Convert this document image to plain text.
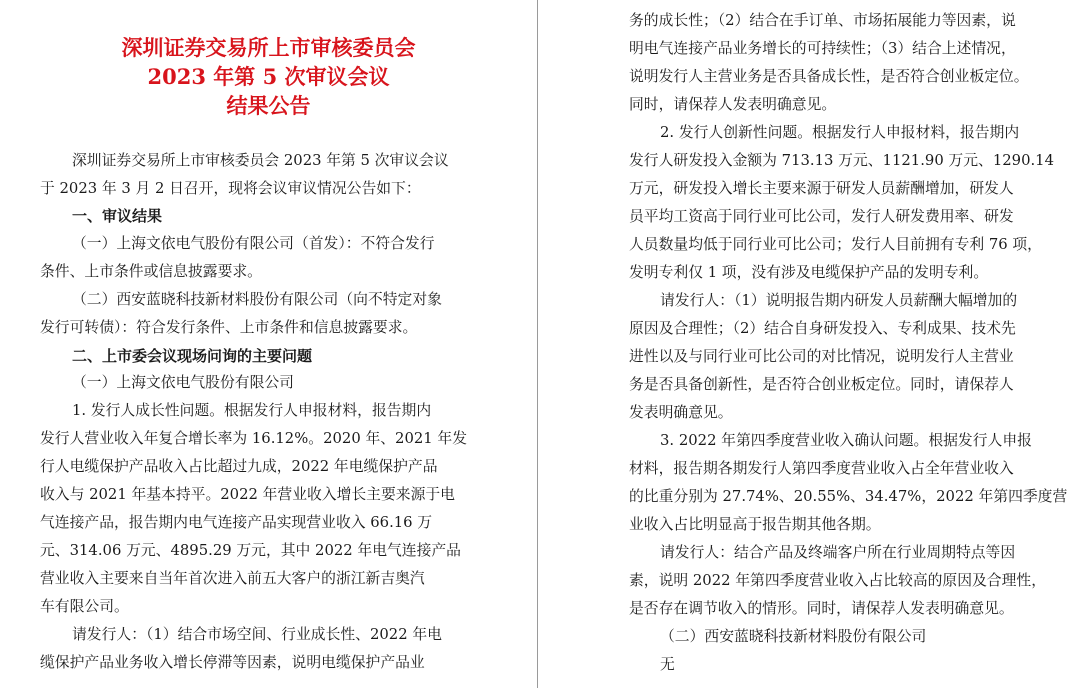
深圳证券交易所上市审核委员会
2023 年第 5 次审议会议
结果公告

深圳证券交易所上市审核委员会 2023 年第 5 次审议会议

于 2023 年 3 月 2 日召开，现将会议审议情况公告如下：

一、审议结果

（一）上海文依电气股份有限公司（首发）：不符合发行

条件、上市条件或信息披露要求。

（二）西安蓝晓科技新材料股份有限公司（向不特定对象

发行可转债）：符合发行条件、上市条件和信息披露要求。

二、上市委会议现场问询的主要问题

（一）上海文依电气股份有限公司

1. 发行人成长性问题。根据发行人申报材料，报告期内

发行人营业收入年复合增长率为 16.12%。2020 年、2021 年发

行人电缆保护产品收入占比超过九成，2022 年电缆保护产品

收入与 2021 年基本持平。2022 年营业收入增长主要来源于电

气连接产品，报告期内电气连接产品实现营业收入 66.16 万

元、314.06 万元、4895.29 万元，其中 2022 年电气连接产品

营业收入主要来自当年首次进入前五大客户的浙江新吉奥汽

车有限公司。

请发行人：（1）结合市场空间、行业成长性、2022 年电

缆保护产品业务收入增长停滞等因素，说明电缆保护产品业

务的成长性；（2）结合在手订单、市场拓展能力等因素，说

明电气连接产品业务增长的可持续性；（3）结合上述情况，

说明发行人主营业务是否具备成长性，是否符合创业板定位。

同时，请保荐人发表明确意见。

2. 发行人创新性问题。根据发行人申报材料，报告期内

发行人研发投入金额为 713.13 万元、1121.90 万元、1290.14

万元，研发投入增长主要来源于研发人员薪酬增加，研发人

员平均工资高于同行业可比公司，发行人研发费用率、研发

人员数量均低于同行业可比公司；发行人目前拥有专利 76 项，

发明专利仅 1 项，没有涉及电缆保护产品的发明专利。

请发行人：（1）说明报告期内研发人员薪酬大幅增加的

原因及合理性；（2）结合自身研发投入、专利成果、技术先

进性以及与同行业可比公司的对比情况，说明发行人主营业

务是否具备创新性，是否符合创业板定位。同时，请保荐人

发表明确意见。

3. 2022 年第四季度营业收入确认问题。根据发行人申报

材料，报告期各期发行人第四季度营业收入占全年营业收入

的比重分别为 27.74%、20.55%、34.47%，2022 年第四季度营

业收入占比明显高于报告期其他各期。

请发行人：结合产品及终端客户所在行业周期特点等因

素，说明 2022 年第四季度营业收入占比较高的原因及合理性，

是否存在调节收入的情形。同时，请保荐人发表明确意见。

（二）西安蓝晓科技新材料股份有限公司

无
